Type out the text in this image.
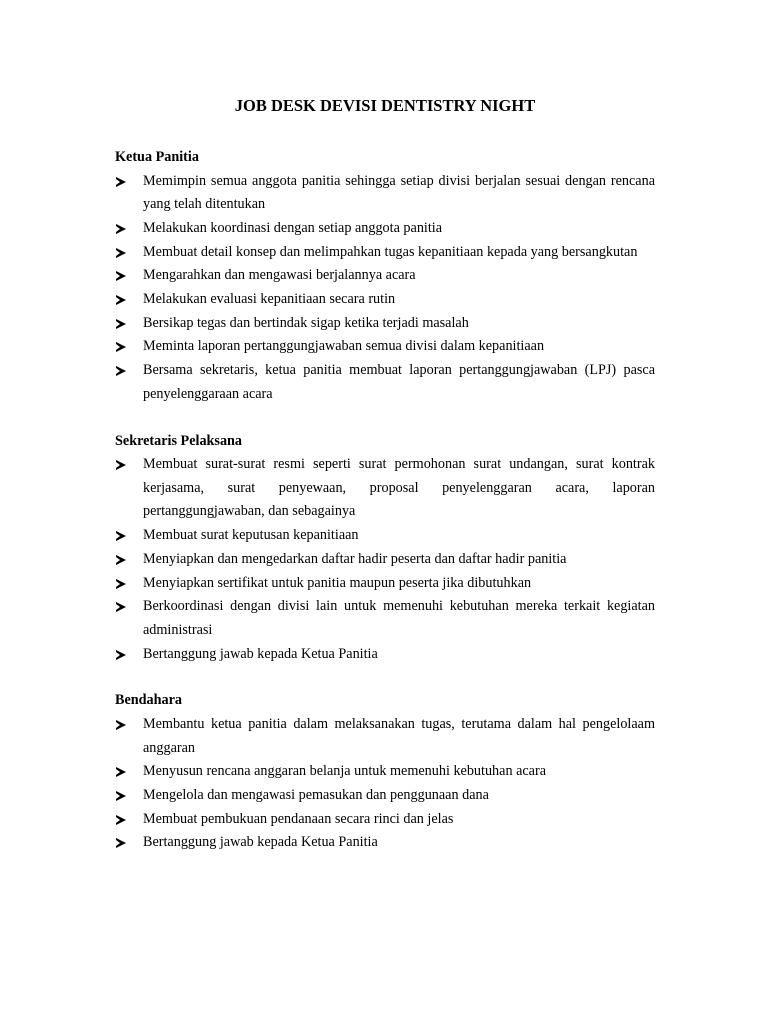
JOB DESK DEVISI DENTISTRY NIGHT
Ketua Panitia
Memimpin semua anggota panitia sehingga setiap divisi berjalan sesuai dengan rencana yang telah ditentukan
Melakukan koordinasi dengan setiap anggota panitia
Membuat detail konsep dan melimpahkan tugas kepanitiaan kepada yang bersangkutan
Mengarahkan dan mengawasi berjalannya acara
Melakukan evaluasi kepanitiaan secara rutin
Bersikap tegas dan bertindak sigap ketika terjadi masalah
Meminta laporan pertanggungjawaban semua divisi dalam kepanitiaan
Bersama sekretaris, ketua panitia membuat laporan pertanggungjawaban (LPJ) pasca penyelenggaraan acara
Sekretaris Pelaksana
Membuat surat-surat resmi seperti surat permohonan surat undangan, surat kontrak kerjasama, surat penyewaan, proposal penyelenggaran acara, laporan pertanggungjawaban, dan sebagainya
Membuat surat keputusan kepanitiaan
Menyiapkan dan mengedarkan daftar hadir peserta dan daftar hadir panitia
Menyiapkan sertifikat untuk panitia maupun peserta jika dibutuhkan
Berkoordinasi dengan divisi lain untuk memenuhi kebutuhan mereka terkait kegiatan administrasi
Bertanggung jawab kepada Ketua Panitia
Bendahara
Membantu ketua panitia dalam melaksanakan tugas, terutama dalam hal pengelolaam anggaran
Menyusun rencana anggaran belanja untuk memenuhi kebutuhan acara
Mengelola dan mengawasi pemasukan dan penggunaan dana
Membuat pembukuan pendanaan secara rinci dan jelas
Bertanggung jawab kepada Ketua Panitia
